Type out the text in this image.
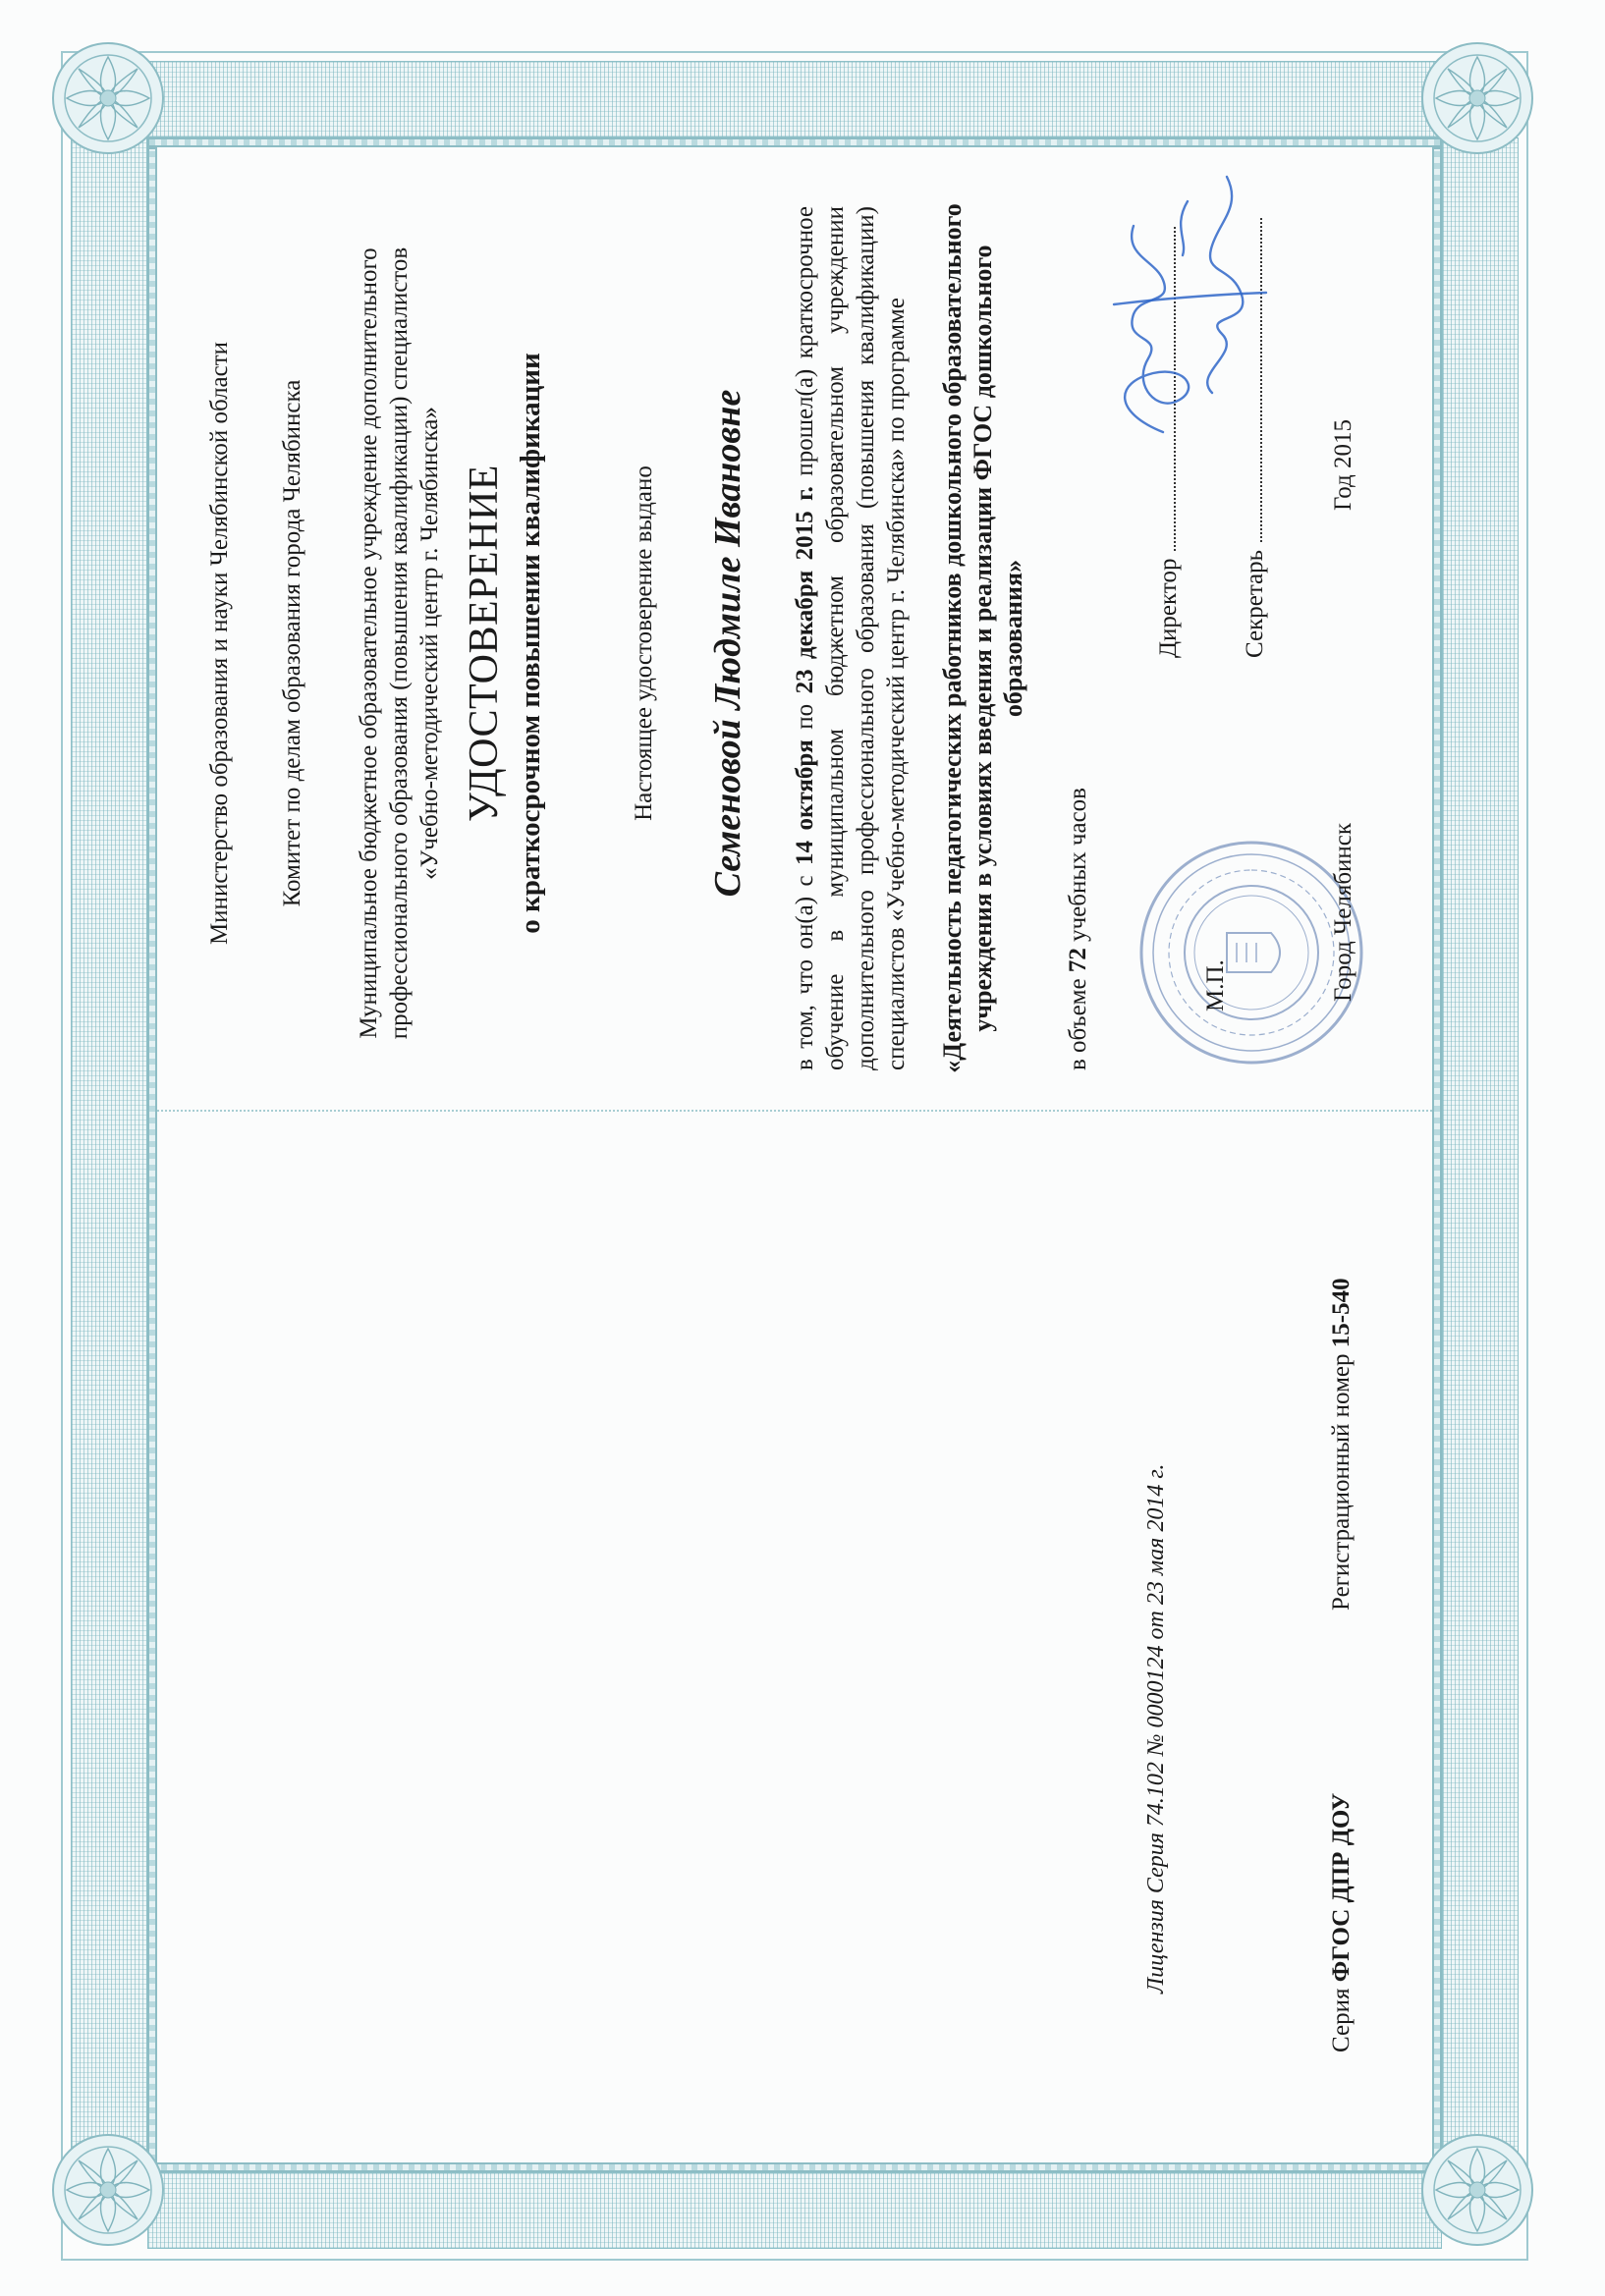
Лицензия Серия 74.102 № 0000124 от 23 мая 2014 г.
Серия ФГОС ДПР ДОУ
Регистрационный номер 15-540
Министерство образования и науки Челябинской области Комитет по делам образования города Челябинска Муниципальное бюджетное образовательное учреждение дополнительного профессионального образования (повышения квалификации) специалистов «Учебно-методический центр г. Челябинска» УДОСТОВЕРЕНИЕ о краткосрочном повышении квалификации	Настоящее удостоверение выдано Семеновой Людмиле Ивановне
в том, что он(а) с 14 октября по 23 декабря 2015 г. прошел(а) краткосрочное обучение в муниципальном бюджетном образовательном учреждении дополнительного профессионального образования (повышения квалификации) специалистов «Учебно-методический центр г. Челябинска» по программе «Деятельность педагогических работников дошкольного образовательного учреждения в условиях введения и реализации ФГОС дошкольного образования»
в объеме 72 учебных часов
М.П.
Директор Секретарь
Город Челябинск
Год 2015
